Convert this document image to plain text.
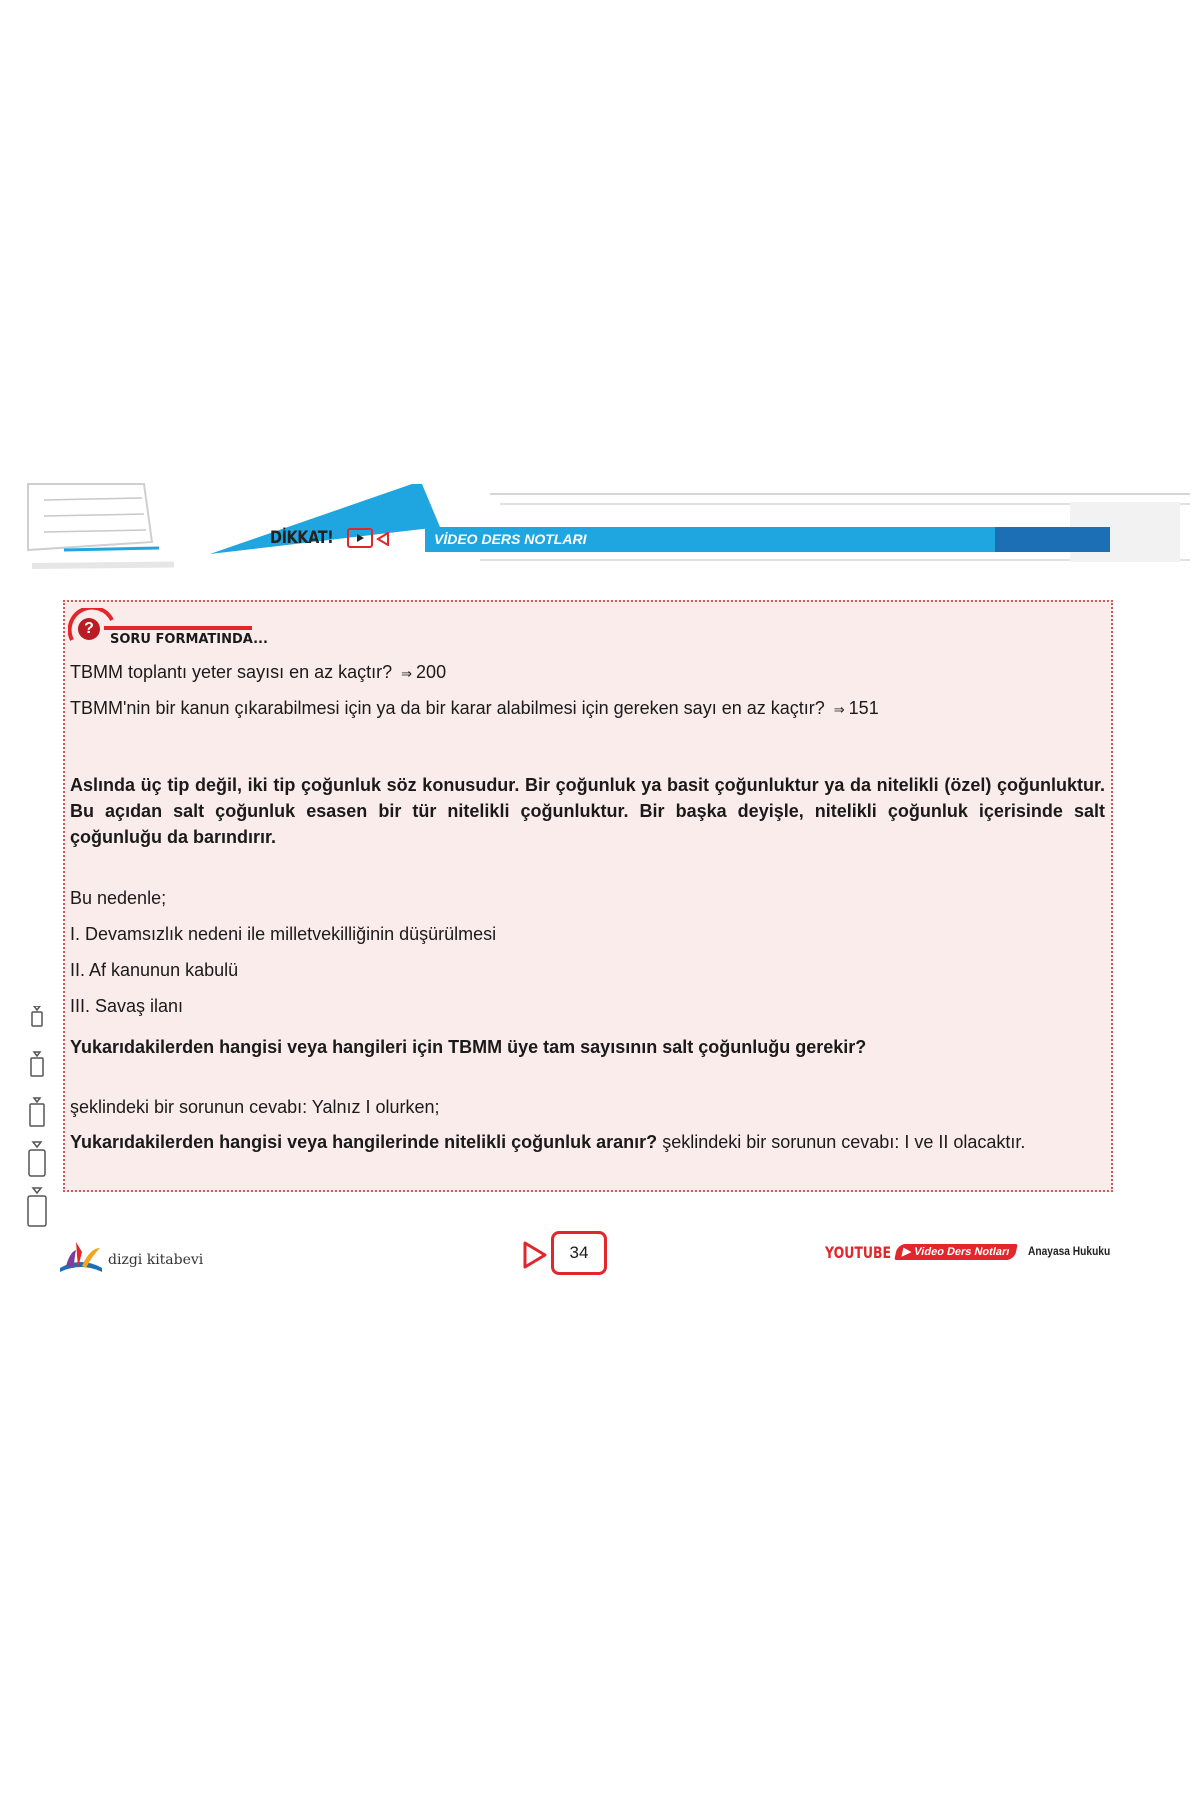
DİKKAT!	VİDEO DERS NOTLARI
?
SORU FORMATINDA...
TBMM toplantı yeter sayısı en az kaçtır? ⇒ 200
TBMM'nin bir kanun çıkarabilmesi için ya da bir karar alabilmesi için gereken sayı en az kaçtır? ⇒ 151
Aslında üç tip değil, iki tip çoğunluk söz konusudur. Bir çoğunluk ya basit çoğunluktur ya da nitelikli (özel) çoğunluktur. Bu açıdan salt çoğunluk esasen bir tür nitelikli çoğunluktur. Bir başka deyişle, nitelikli çoğunluk içerisinde salt çoğunluğu da barındırır.
Bu nedenle;
I. Devamsızlık nedeni ile milletvekilliğinin düşürülmesi
II. Af kanunun kabulü
III. Savaş ilanı
Yukarıdakilerden hangisi veya hangileri için TBMM üye tam sayısının salt çoğunluğu gerekir?
şeklindeki bir sorunun cevabı: Yalnız I olurken;
Yukarıdakilerden hangisi veya hangilerinde nitelikli çoğunluk aranır? şeklindeki bir sorunun cevabı: I ve II olacaktır.
dizgi kitabevi	34	YOUTUBE ▶ Video Ders Notları	Anayasa Hukuku
